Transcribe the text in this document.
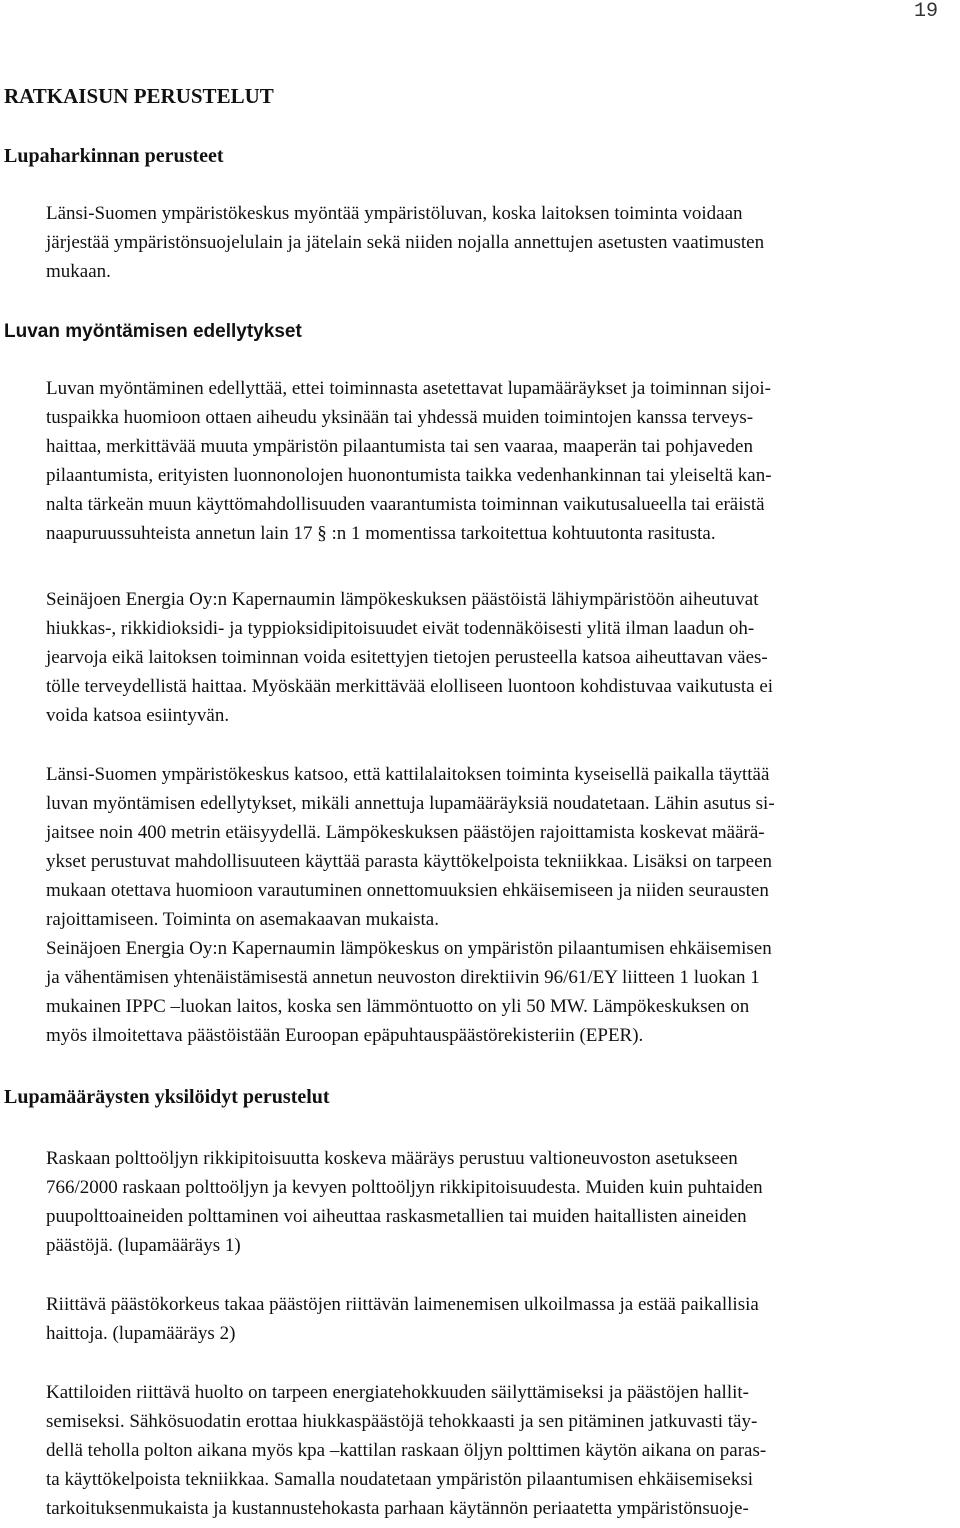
19
RATKAISUN PERUSTELUT
Lupaharkinnan perusteet
Länsi-Suomen ympäristökeskus myöntää ympäristöluvan, koska laitoksen toiminta voidaan
järjestää ympäristönsuojelulain ja jätelain sekä niiden nojalla annettujen asetusten vaatimusten
mukaan.
Luvan myöntämisen edellytykset
Luvan myöntäminen edellyttää, ettei toiminnasta asetettavat lupamääräykset ja toiminnan sijoi-
tuspaikka huomioon ottaen aiheudu yksinään tai yhdessä muiden toimintojen kanssa terveys-
haittaa, merkittävää muuta ympäristön pilaantumista tai sen vaaraa, maaperän tai pohjaveden
pilaantumista, erityisten luonnonolojen huonontumista taikka vedenhankinnan tai yleiseltä kan-
nalta tärkeän muun käyttömahdollisuuden vaarantumista toiminnan vaikutusalueella tai eräistä
naapuruussuhteista annetun lain 17 § :n 1 momentissa tarkoitettua kohtuutonta rasitusta.
Seinäjoen Energia Oy:n Kapernaumin lämpökeskuksen päästöistä lähiympäristöön aiheutuvat
hiukkas-, rikkidioksidi- ja typpioksidipitoisuudet eivät todennäköisesti ylitä ilman laadun oh-
jearvoja eikä laitoksen toiminnan voida esitettyjen tietojen perusteella katsoa aiheuttavan väes-
tölle terveydellistä haittaa. Myöskään merkittävää elolliseen luontoon kohdistuvaa vaikutusta ei
voida katsoa esiintyvän.
Länsi-Suomen ympäristökeskus katsoo, että kattilalaitoksen toiminta kyseisellä paikalla täyttää
luvan myöntämisen edellytykset, mikäli annettuja lupamääräyksiä noudatetaan. Lähin asutus si-
jaitsee noin 400 metrin etäisyydellä. Lämpökeskuksen päästöjen rajoittamista koskevat määrä-
ykset perustuvat mahdollisuuteen käyttää parasta käyttökelpoista tekniikkaa. Lisäksi on tarpeen
mukaan otettava huomioon varautuminen onnettomuuksien ehkäisemiseen ja niiden seurausten
rajoittamiseen. Toiminta on asemakaavan mukaista.
Seinäjoen Energia Oy:n Kapernaumin lämpökeskus on ympäristön pilaantumisen ehkäisemisen
ja vähentämisen yhtenäistämisestä annetun neuvoston direktiivin 96/61/EY liitteen 1 luokan 1
mukainen IPPC –luokan laitos, koska sen lämmöntuotto on yli 50 MW. Lämpökeskuksen on
myös ilmoitettava päästöistään Euroopan epäpuhtauspäästörekisteriin (EPER).
Lupamääräysten yksilöidyt perustelut
Raskaan polttoöljyn rikkipitoisuutta koskeva määräys perustuu valtioneuvoston asetukseen
766/2000 raskaan polttoöljyn ja kevyen polttoöljyn rikkipitoisuudesta. Muiden kuin puhtaiden
puupolttoaineiden polttaminen voi aiheuttaa raskasmetallien tai muiden haitallisten aineiden
päästöjä. (lupamääräys 1)
Riittävä päästökorkeus takaa päästöjen riittävän laimenemisen ulkoilmassa ja estää paikallisia
haittoja. (lupamääräys 2)
Kattiloiden riittävä huolto on tarpeen energiatehokkuuden säilyttämiseksi ja päästöjen hallit-
semiseksi. Sähkösuodatin erottaa hiukkaspäästöjä tehokkaasti ja sen pitäminen jatkuvasti täy-
dellä teholla polton aikana myös kpa –kattilan raskaan öljyn polttimen käytön aikana on paras-
ta käyttökelpoista tekniikkaa. Samalla noudatetaan ympäristön pilaantumisen ehkäisemiseksi
tarkoituksenmukaista ja kustannustehokasta parhaan käytännön periaatetta ympäristönsuoje-
